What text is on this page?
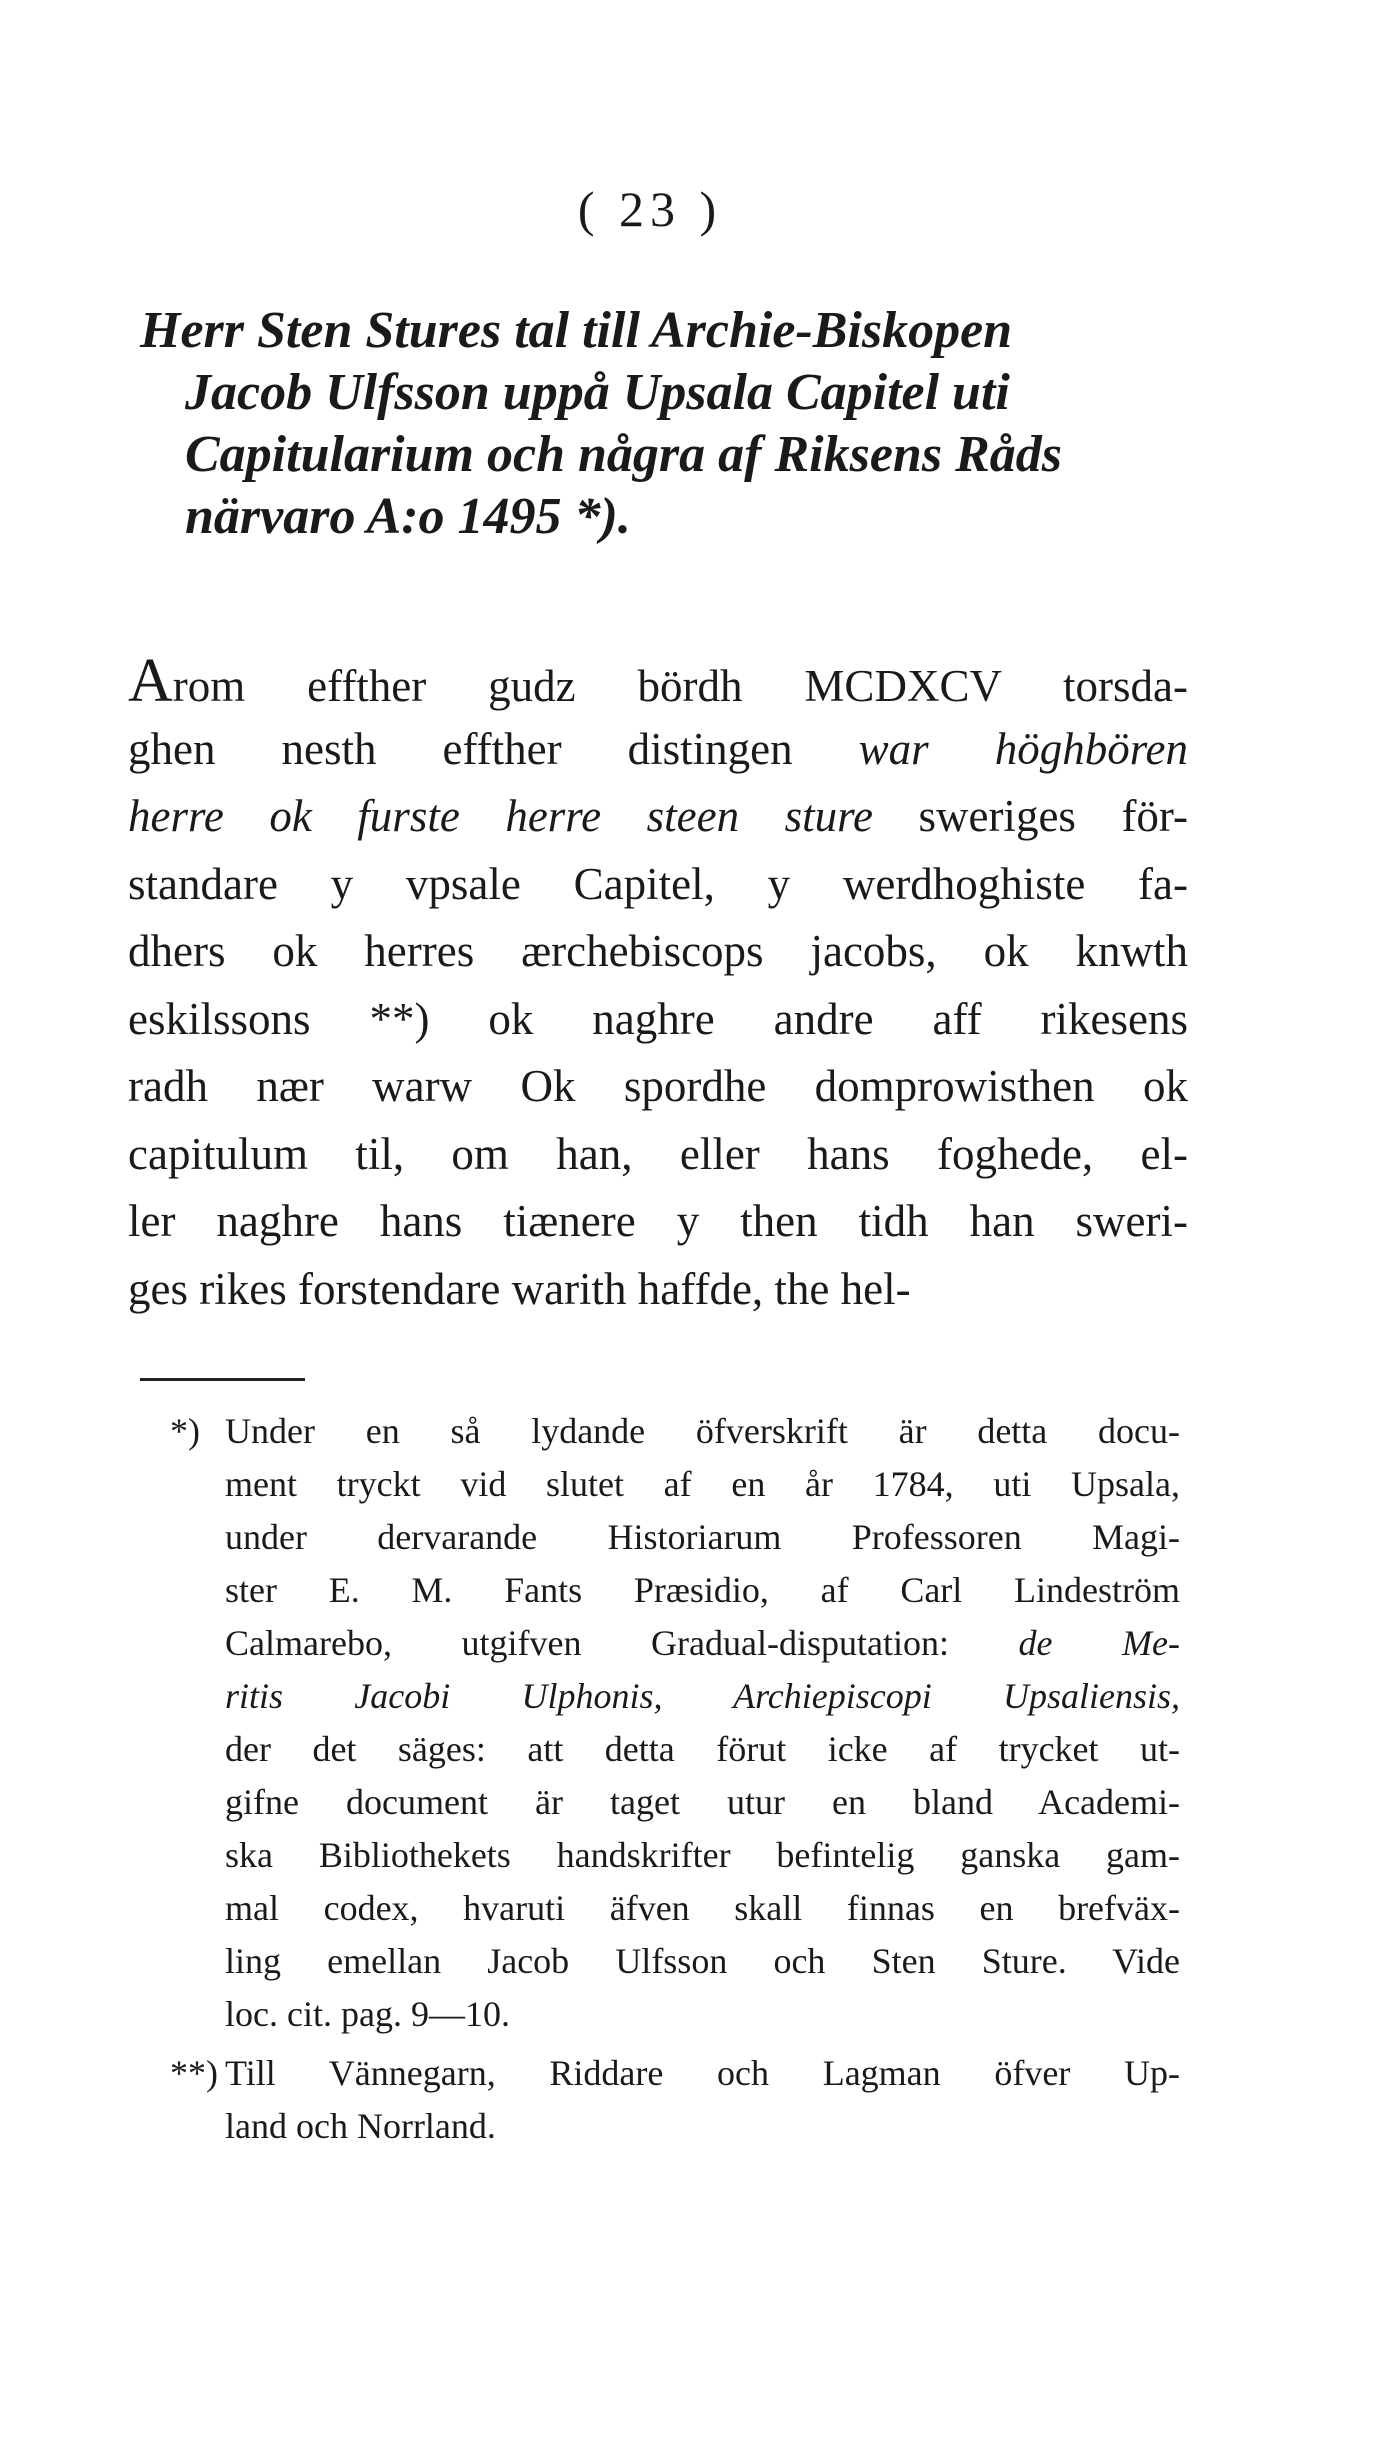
( 23 )
Herr Sten Stures tal till Archie-Biskopen
Jacob Ulfsson uppå Upsala Capitel uti
Capitularium och några af Riksens Råds
närvaro A:o 1495 *).
Arom effther gudz bördh MCDXCV torsda-
ghen nesth effther distingen war höghbören
herre ok furste herre steen sture sweriges för-
standare y vpsale Capitel, y werdhoghiste fa-
dhers ok herres ærchebiscops jacobs, ok knwth
eskilssons **) ok naghre andre aff rikesens
radh nær warw Ok spordhe domprowisthen ok
capitulum til, om han, eller hans foghede, el-
ler naghre hans tiænere y then tidh han sweri-
ges rikes forstendare warith haffde, the hel-
*) Under en så lydande öfverskrift är detta docu-
ment tryckt vid slutet af en år 1784, uti Upsala,
under dervarande Historiarum Professoren Magi-
ster E. M. Fants Præsidio, af Carl Lindeström
Calmarebo, utgifven Gradual-disputation: de Me-
ritis Jacobi Ulphonis, Archiepiscopi Upsaliensis,
der det säges: att detta förut icke af trycket ut-
gifne document är taget utur en bland Academi-
ska Bibliothekets handskrifter befintelig ganska gam-
mal codex, hvaruti äfven skall finnas en brefväx-
ling emellan Jacob Ulfsson och Sten Sture. Vide
loc. cit. pag. 9—10.
**) Till Vännegarn, Riddare och Lagman öfver Up-
land och Norrland.
